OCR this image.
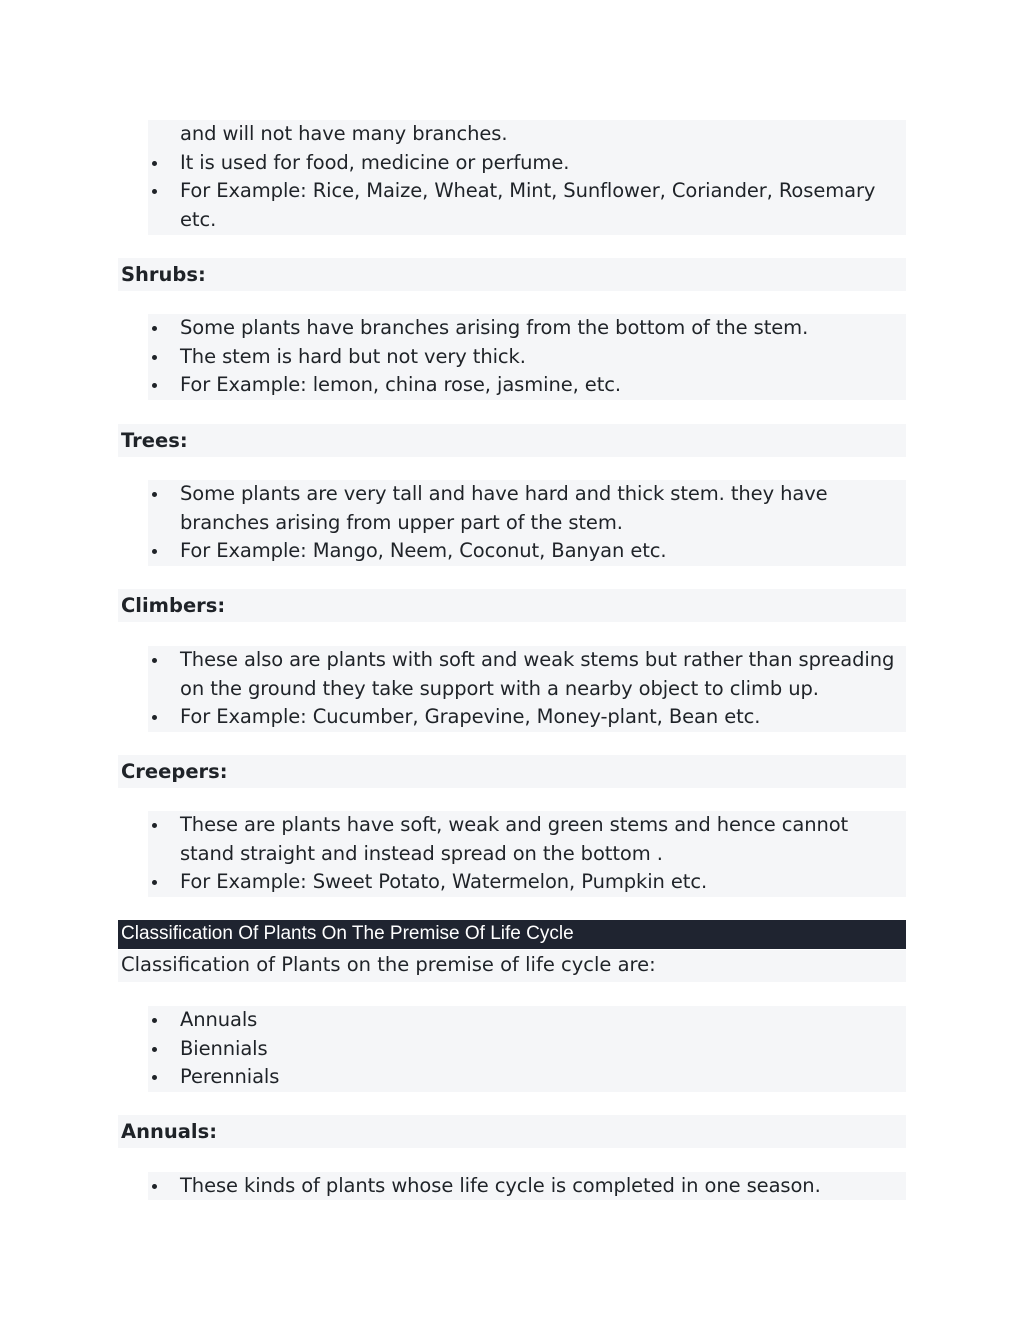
and will not have many branches.
It is used for food, medicine or perfume.
For Example: Rice, Maize, Wheat, Mint, Sunflower, Coriander, Rosemary etc.
Shrubs:
Some plants have branches arising from the bottom of the stem.
The stem is hard but not very thick.
For Example: lemon, china rose, jasmine, etc.
Trees:
Some plants are very tall and have hard and thick stem. they have branches arising from upper part of the stem.
For Example: Mango, Neem, Coconut, Banyan etc.
Climbers:
These also are plants with soft and weak stems but rather than spreading on the ground they take support with a nearby object to climb up.
For Example: Cucumber, Grapevine, Money-plant, Bean etc.
Creepers:
These are plants have soft, weak and green stems and hence cannot stand straight and instead spread on the bottom .
For Example: Sweet Potato, Watermelon, Pumpkin etc.
Classification Of Plants On The Premise Of Life Cycle
Classification of Plants on the premise of life cycle are:
Annuals
Biennials
Perennials
Annuals:
These kinds of plants whose life cycle is completed in one season.
